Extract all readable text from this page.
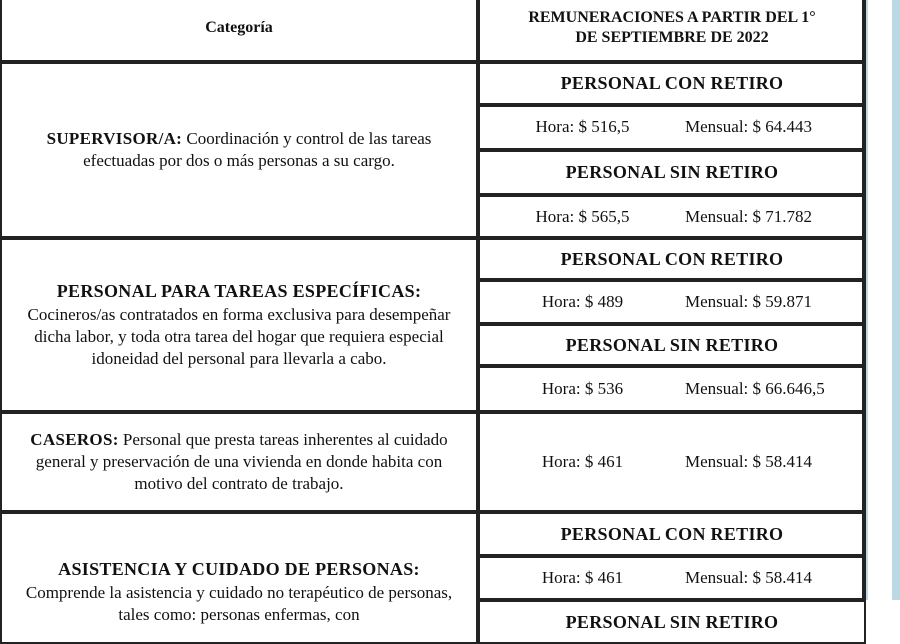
Categoría	REMUNERACIONES A PARTIR DEL 1°
DE SEPTIEMBRE DE 2022
SUPERVISOR/A: Coordinación y control de las tareas efectuadas por dos o más personas a su cargo.	PERSONAL CON RETIRO

	Hora: $ 516,5 Mensual: $ 64.443

	PERSONAL SIN RETIRO

	Hora: $ 565,5 Mensual: $ 71.782

PERSONAL PARA TAREAS ESPECÍFICAS:
Cocineros/as contratados en forma exclusiva para desempeñar dicha labor, y toda otra tarea del hogar que requiera especial idoneidad del personal para llevarla a cabo.	PERSONAL CON RETIRO

	Hora: $ 489 Mensual: $ 59.871

	PERSONAL SIN RETIRO

	Hora: $ 536 Mensual: $ 66.646,5

CASEROS: Personal que presta tareas inherentes al cuidado general y preservación de una vivienda en donde habita con motivo del contrato de trabajo.	Hora: $ 461 Mensual: $ 58.414

ASISTENCIA Y CUIDADO DE PERSONAS:
Comprende la asistencia y cuidado no terapéutico de personas, tales como: personas enfermas, con	PERSONAL CON RETIRO

	Hora: $ 461 Mensual: $ 58.414

	PERSONAL SIN RETIRO
